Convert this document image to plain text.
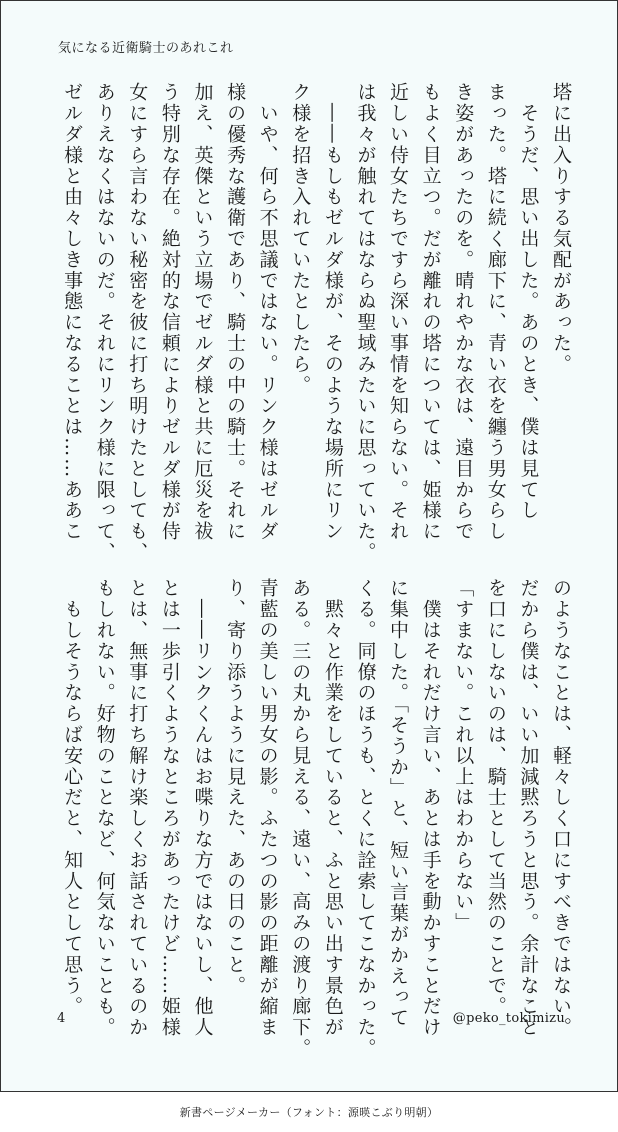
気になる近衛騎士のあれこれ

塔に出入りする気配があった。

　そうだ、思い出した。あのとき、僕は見てし

まった。塔に続く廊下に、青い衣を纏う男女らし

き姿があったのを。晴れやかな衣は、遠目からで

もよく目立つ。だが離れの塔については、姫様に

近しい侍女たちですら深い事情を知らない。それ

は我々が触れてはならぬ聖域みたいに思っていた。

　――もしもゼルダ様が、そのような場所にリン

ク様を招き入れていたとしたら。

　いや、何ら不思議ではない。リンク様はゼルダ

様の優秀な護衛であり、騎士の中の騎士。それに

加え、英傑という立場でゼルダ様と共に厄災を祓

う特別な存在。絶対的な信頼によりゼルダ様が侍

女にすら言わない秘密を彼に打ち明けたとしても、

ありえなくはないのだ。それにリンク様に限って、

ゼルダ様と由々しき事態になることは……ああこ

のようなことは、軽々しく口にすべきではない。

だから僕は、いい加減黙ろうと思う。余計なこと

を口にしないのは、騎士として当然のことで。

「すまない。これ以上はわからない」

　僕はそれだけ言い、あとは手を動かすことだけ

に集中した。「そうか」と、短い言葉がかえって

くる。同僚のほうも、とくに詮索してこなかった。

　黙々と作業をしていると、ふと思い出す景色が

ある。三の丸から見える、遠い、高みの渡り廊下。

青藍の美しい男女の影。ふたつの影の距離が縮ま

り、寄り添うように見えた、あの日のこと。

　――リンクくんはお喋りな方ではないし、他人

とは一歩引くようなところがあったけど……姫様

とは、無事に打ち解け楽しくお話されているのか

もしれない。好物のことなど、何気ないことも。

　もしそうならば安心だと、知人として思う。

4	@peko_tokimizu
新書ページメーカー（フォント：源暎こぶり明朝）
